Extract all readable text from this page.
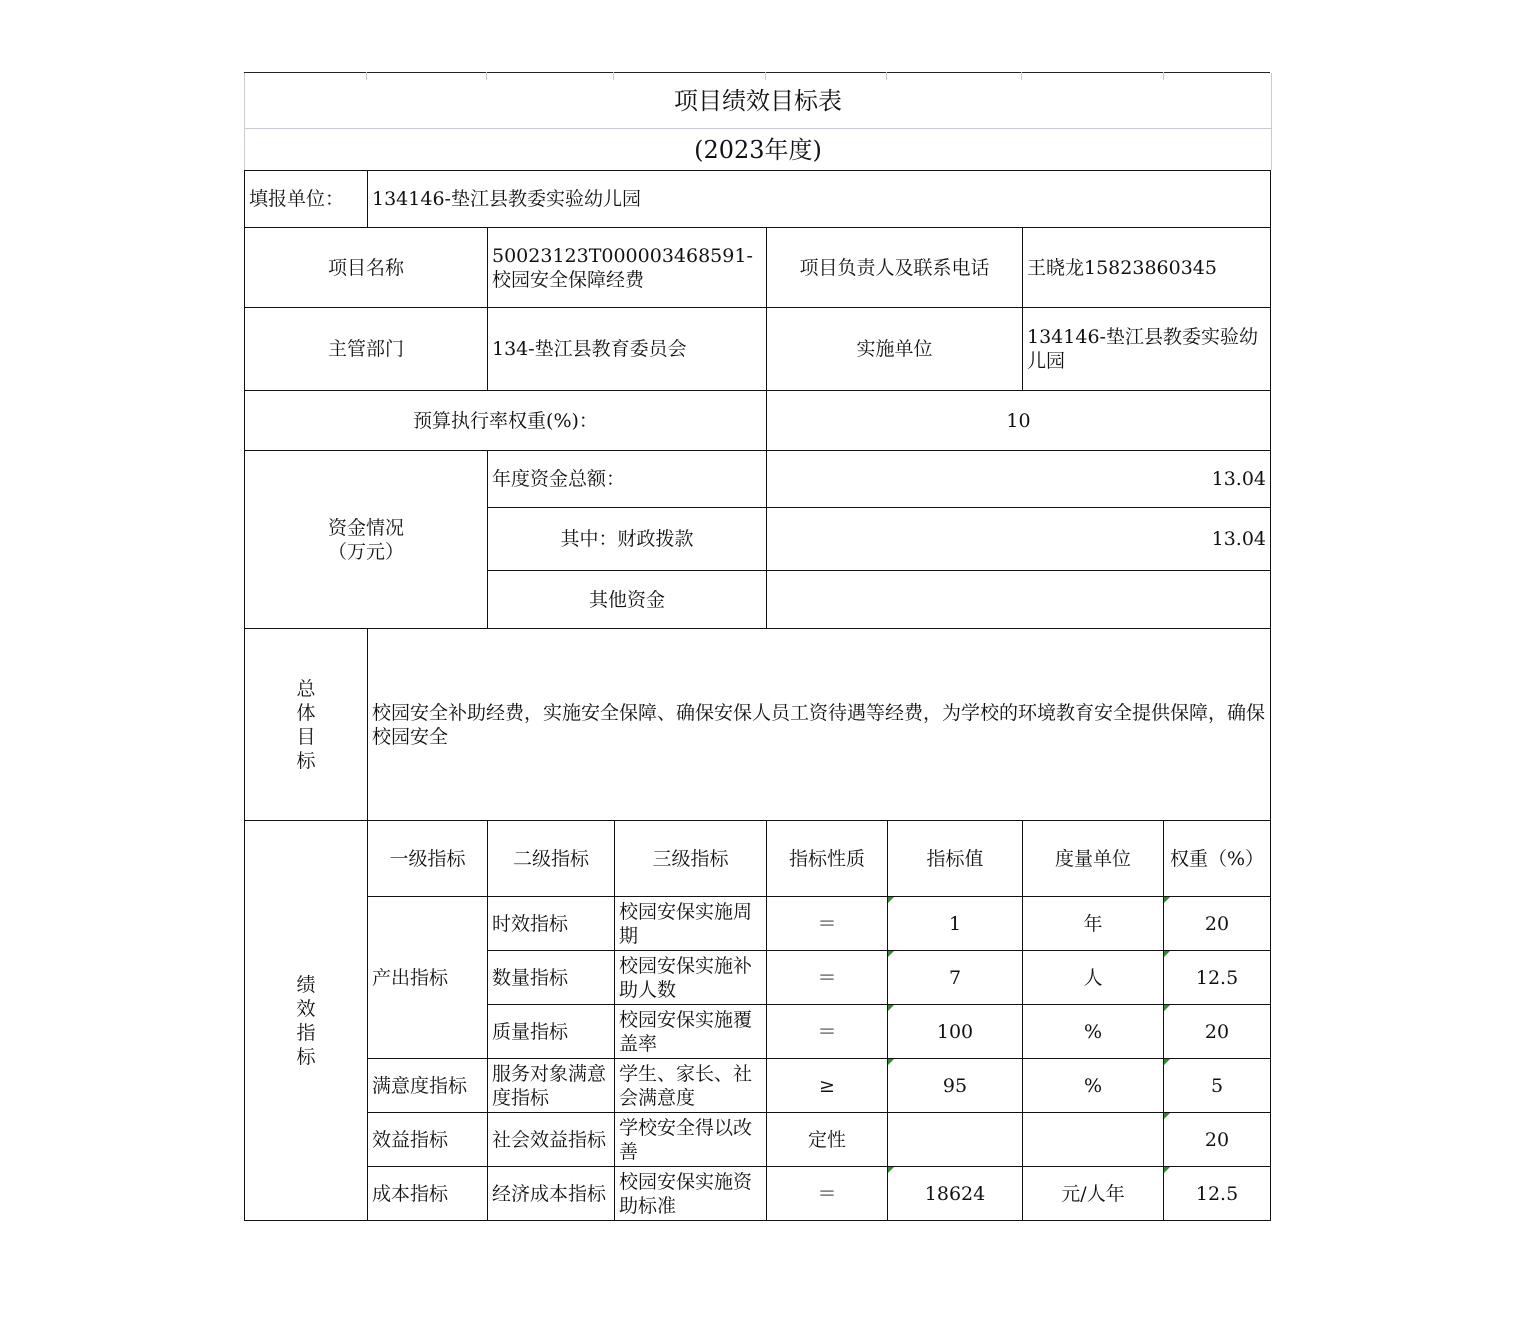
项目绩效目标表
(2023年度)
填报单位：	134146-垫江县教委实验幼儿园						
项目名称		50023123T000003468591-校园安全保障经费		项目负责人及联系电话		王晓龙15823860345	
主管部门		134-垫江县教育委员会		实施单位		134146-垫江县教委实验幼儿园	
预算执行率权重(%)：				10			

资金情况
（万元）		年度资金总额：		13.04			
		其中：财政拨款		13.04			
		其他资金					

总
体
目
标	校园安全补助经费，实施安全保障、确保安保人员工资待遇等经费，为学校的环境教育安全提供保障，确保校园安全						

绩
效
指
标	一级指标	二级指标	三级指标	指标性质	指标值	度量单位	权重（%）
	产出指标	时效指标	校园安保实施周期	＝	1	年	20
		数量指标	校园安保实施补助人数	＝	7	人	12.5
		质量指标	校园安保实施覆盖率	＝	100	%	20
	满意度指标	服务对象满意度指标	学生、家长、社会满意度	≥	95	%	5
	效益指标	社会效益指标	学校安全得以改善	定性			20
	成本指标	经济成本指标	校园安保实施资助标准	＝	18624	元/人年	12.5
